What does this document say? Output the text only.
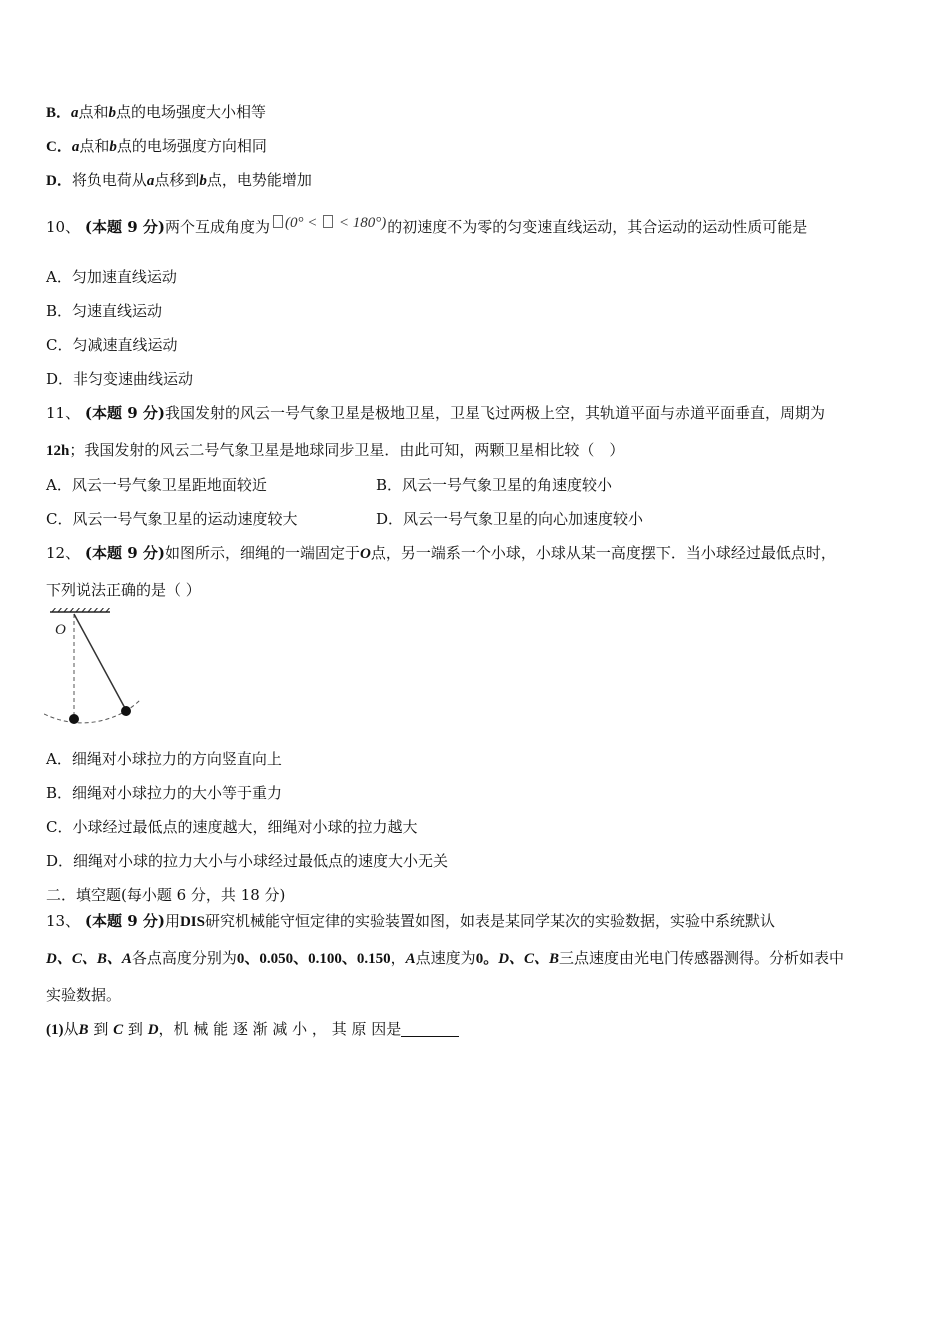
B．a点和b点的电场强度大小相等
C．a点和b点的电场强度方向相同
D．将负电荷从a点移到b点，电势能增加
10、 (本题 9 分)两个互成角度为 (0° < < 180°)的初速度不为零的匀变速直线运动，其合运动的运动性质可能是
A．匀加速直线运动
B．匀速直线运动
C．匀减速直线运动
D．非匀变速曲线运动
11、 (本题 9 分)我国发射的风云一号气象卫星是极地卫星，卫星飞过两极上空，其轨道平面与赤道平面垂直，周期为
12h；我国发射的风云二号气象卫星是地球同步卫星．由此可知，两颗卫星相比较（　）
A．风云一号气象卫星距地面较近	B．风云一号气象卫星的角速度较小
C．风云一号气象卫星的运动速度较大	D．风云一号气象卫星的向心加速度较小
12、 (本题 9 分)如图所示，细绳的一端固定于O点，另一端系一个小球，小球从某一高度摆下．当小球经过最低点时，
下列说法正确的是（ ）
O
A．细绳对小球拉力的方向竖直向上
B．细绳对小球拉力的大小等于重力
C．小球经过最低点的速度越大，细绳对小球的拉力越大
D．细绳对小球的拉力大小与小球经过最低点的速度大小无关
二．填空题(每小题 6 分，共 18 分)
13、 (本题 9 分)用DIS研究机械能守恒定律的实验装置如图，如表是某同学某次的实验数据，实验中系统默认
D、C、B、A各点高度分别为0、0.050、0.100、0.150，A点速度为0。D、C、B三点速度由光电门传感器测得。分析如表中
实验数据。
(1)从B 到 C 到 D，机 械 能 逐 渐 减 小 ， 其 原 因是
